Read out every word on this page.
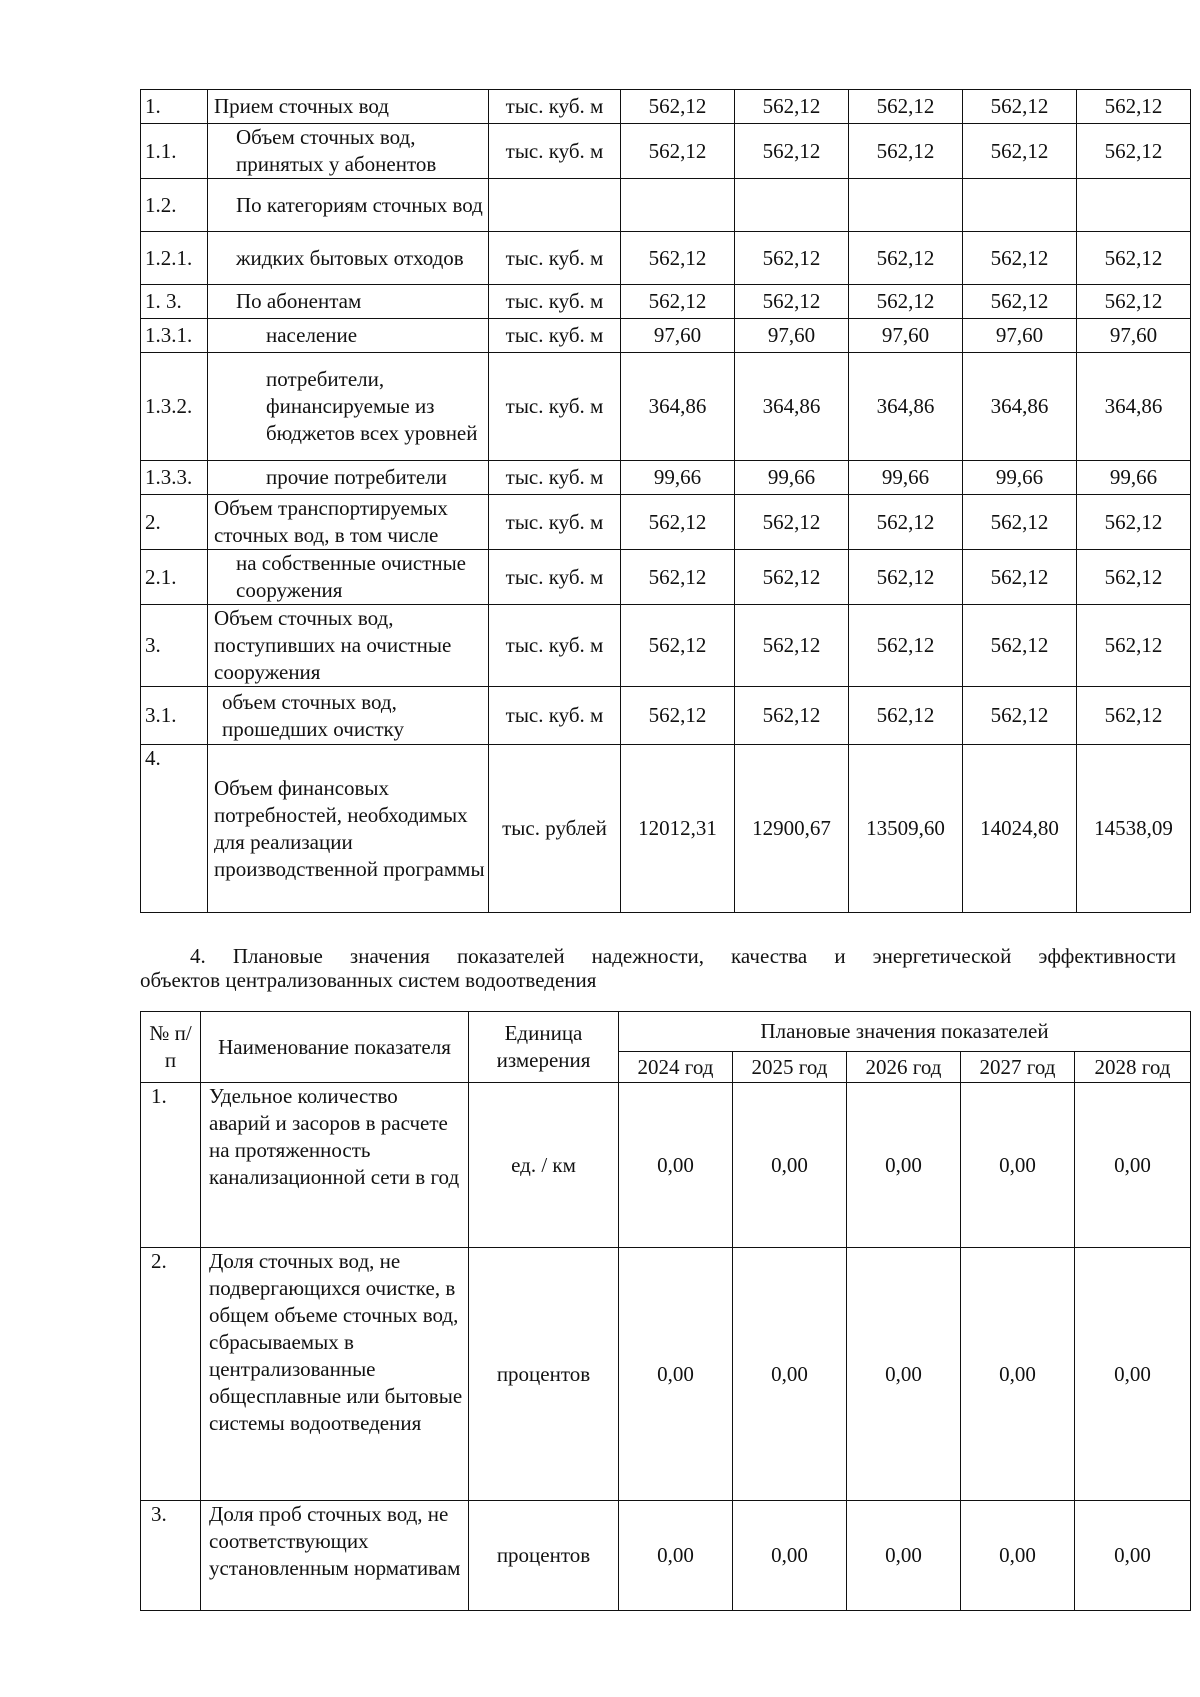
1.	Прием сточных вод	тыс. куб. м	562,12	562,12	562,12	562,12	562,12
1.1.	Объем сточных вод, принятых у абонентов	тыс. куб. м	562,12	562,12	562,12	562,12	562,12
1.2.	По категориям сточных вод						
1.2.1.	жидких бытовых отходов	тыс. куб. м	562,12	562,12	562,12	562,12	562,12
1. 3.	По абонентам	тыс. куб. м	562,12	562,12	562,12	562,12	562,12
1.3.1.	население	тыс. куб. м	97,60	97,60	97,60	97,60	97,60
1.3.2.	потребители, финансируемые из бюджетов всех уровней	тыс. куб. м	364,86	364,86	364,86	364,86	364,86
1.3.3.	прочие потребители	тыс. куб. м	99,66	99,66	99,66	99,66	99,66
2.	Объем транспортируемых сточных вод, в том числе	тыс. куб. м	562,12	562,12	562,12	562,12	562,12
2.1.	на собственные очистные сооружения	тыс. куб. м	562,12	562,12	562,12	562,12	562,12
3.	Объем сточных вод, поступивших на очистные сооружения	тыс. куб. м	562,12	562,12	562,12	562,12	562,12
3.1.	объем сточных вод, прошедших очистку	тыс. куб. м	562,12	562,12	562,12	562,12	562,12
4.	Объем финансовых потребностей, необходимых для реализации производственной программы	тыс. рублей	12012,31	12900,67	13509,60	14024,80	14538,09
4. Плановые значения показателей надежности, качества и энергетической эффективности
объектов централизованных систем водоотведения
№ п/п	Наименование показателя	Единица измерения	Плановые значения показателей				
			2024 год	2025 год	2026 год	2027 год	2028 год
1.	Удельное количество аварий и засоров в расчете на протяженность канализационной сети в год	ед. / км	0,00	0,00	0,00	0,00	0,00
2.	Доля сточных вод, не подвергающихся очистке, в общем объеме сточных вод, сбрасываемых в централизованные общесплавные или бытовые системы водоотведения	процентов	0,00	0,00	0,00	0,00	0,00
3.	Доля проб сточных вод, не соответствующих установленным нормативам	процентов	0,00	0,00	0,00	0,00	0,00
